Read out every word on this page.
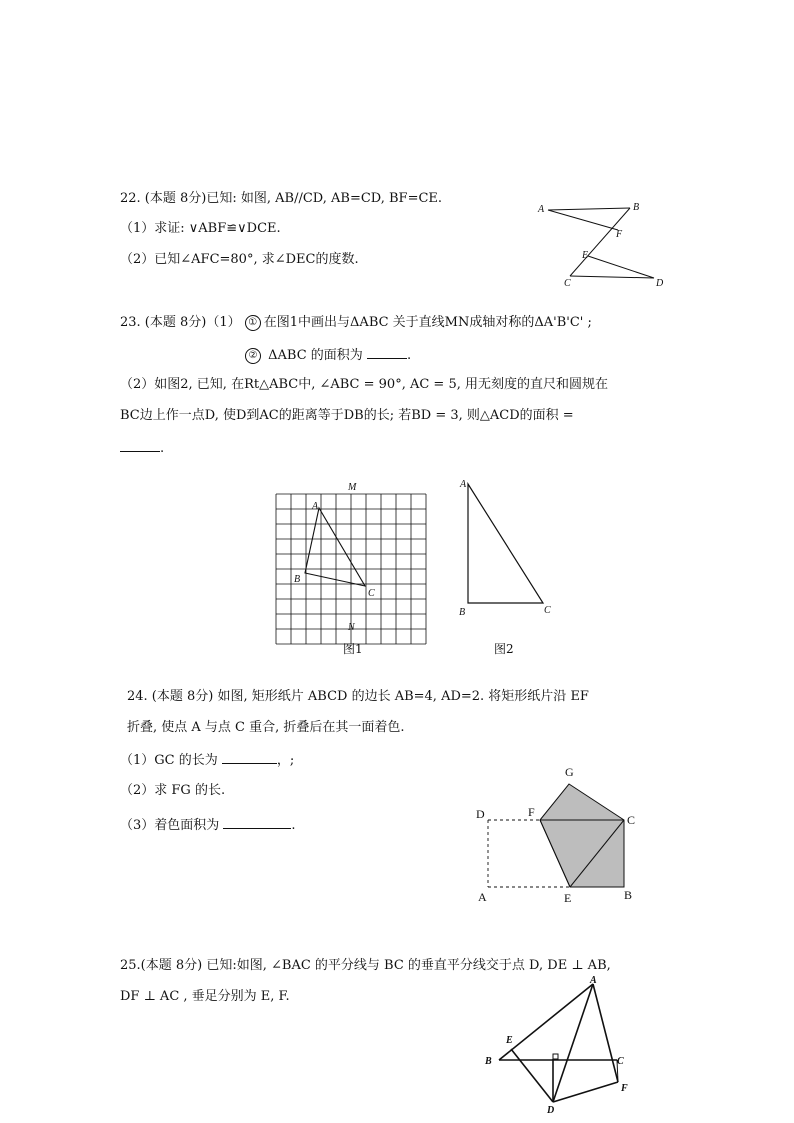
22. (本题 8分)已知: 如图, AB//CD, AB=CD, BF=CE.
（1）求证: ∨ABF≌∨DCE.
（2）已知∠AFC=80°, 求∠DEC的度数.
A	B
F
E
C	D
23. (本题 8分)（1） ① 在图1中画出与ΔABC 关于直线MN成轴对称的ΔA'B'C' ;
② ΔABC 的面积为	.
（2）如图2, 已知, 在Rt△ABC中, ∠ABC = 90°, AC = 5, 用无刻度的直尺和圆规在
BC边上作一点D, 使D到AC的距离等于DB的长; 若BD = 3, 则△ACD的面积 =
.
M
N
A
B
C
A
B	C
图1	图2
24. (本题 8分) 如图, 矩形纸片 ABCD 的边长 AB=4, AD=2. 将矩形纸片沿 EF
折叠, 使点 A 与点 C 重合, 折叠后在其一面着色.
（1）GC 的长为	，;
（2）求 FG 的长.
（3）着色面积为	.
G
D	F
C
A	E	B
25.(本题 8分) 已知:如图, ∠BAC 的平分线与 BC 的垂直平分线交于点 D, DE ⊥ AB,
DF ⊥ AC , 垂足分别为 E, F.
A
E
B	C
F
D
